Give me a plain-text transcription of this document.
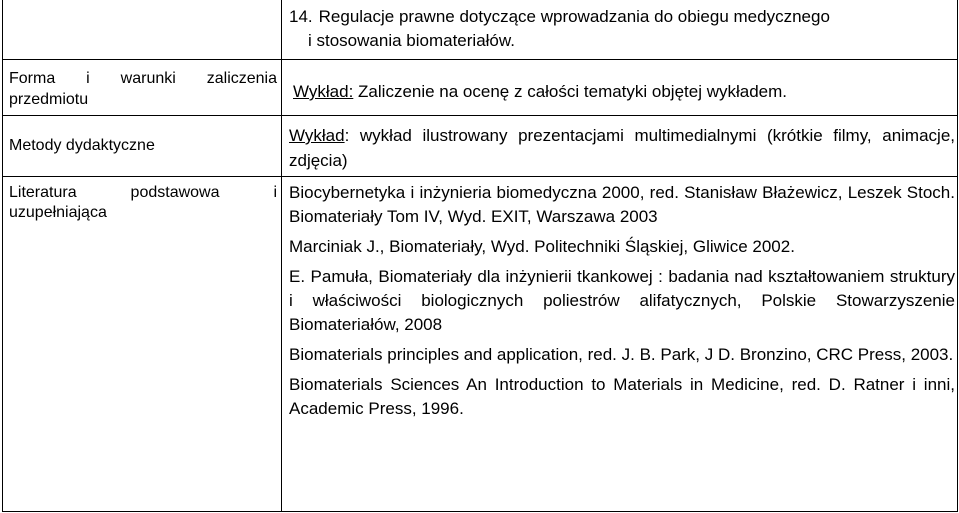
14. Regulacje prawne dotyczące wprowadzania do obiegu medycznego
i stosowania biomateriałów.
Forma i warunki zaliczenia przedmiotu	Wykład: Zaliczenie na ocenę z całości tematyki objętej wykładem.
Metody dydaktyczne
Wykład: wykład ilustrowany prezentacjami multimedialnymi (krótkie filmy, animacje, zdjęcia)
Literatura podstawowa i uzupełniająca
Biocybernetyka i inżynieria biomedyczna 2000, red. Stanisław Błażewicz, Leszek Stoch. Biomateriały Tom IV, Wyd. EXIT, Warszawa 2003
Marciniak J., Biomateriały, Wyd. Politechniki Śląskiej, Gliwice 2002.
E. Pamuła, Biomateriały dla inżynierii tkankowej : badania nad kształtowaniem struktury i właściwości biologicznych poliestrów alifatycznych, Polskie Stowarzyszenie Biomateriałów, 2008
Biomaterials principles and application, red. J. B. Park, J D. Bronzino, CRC Press, 2003.
Biomaterials Sciences An Introduction to Materials in Medicine, red. D. Ratner i inni, Academic Press, 1996.
